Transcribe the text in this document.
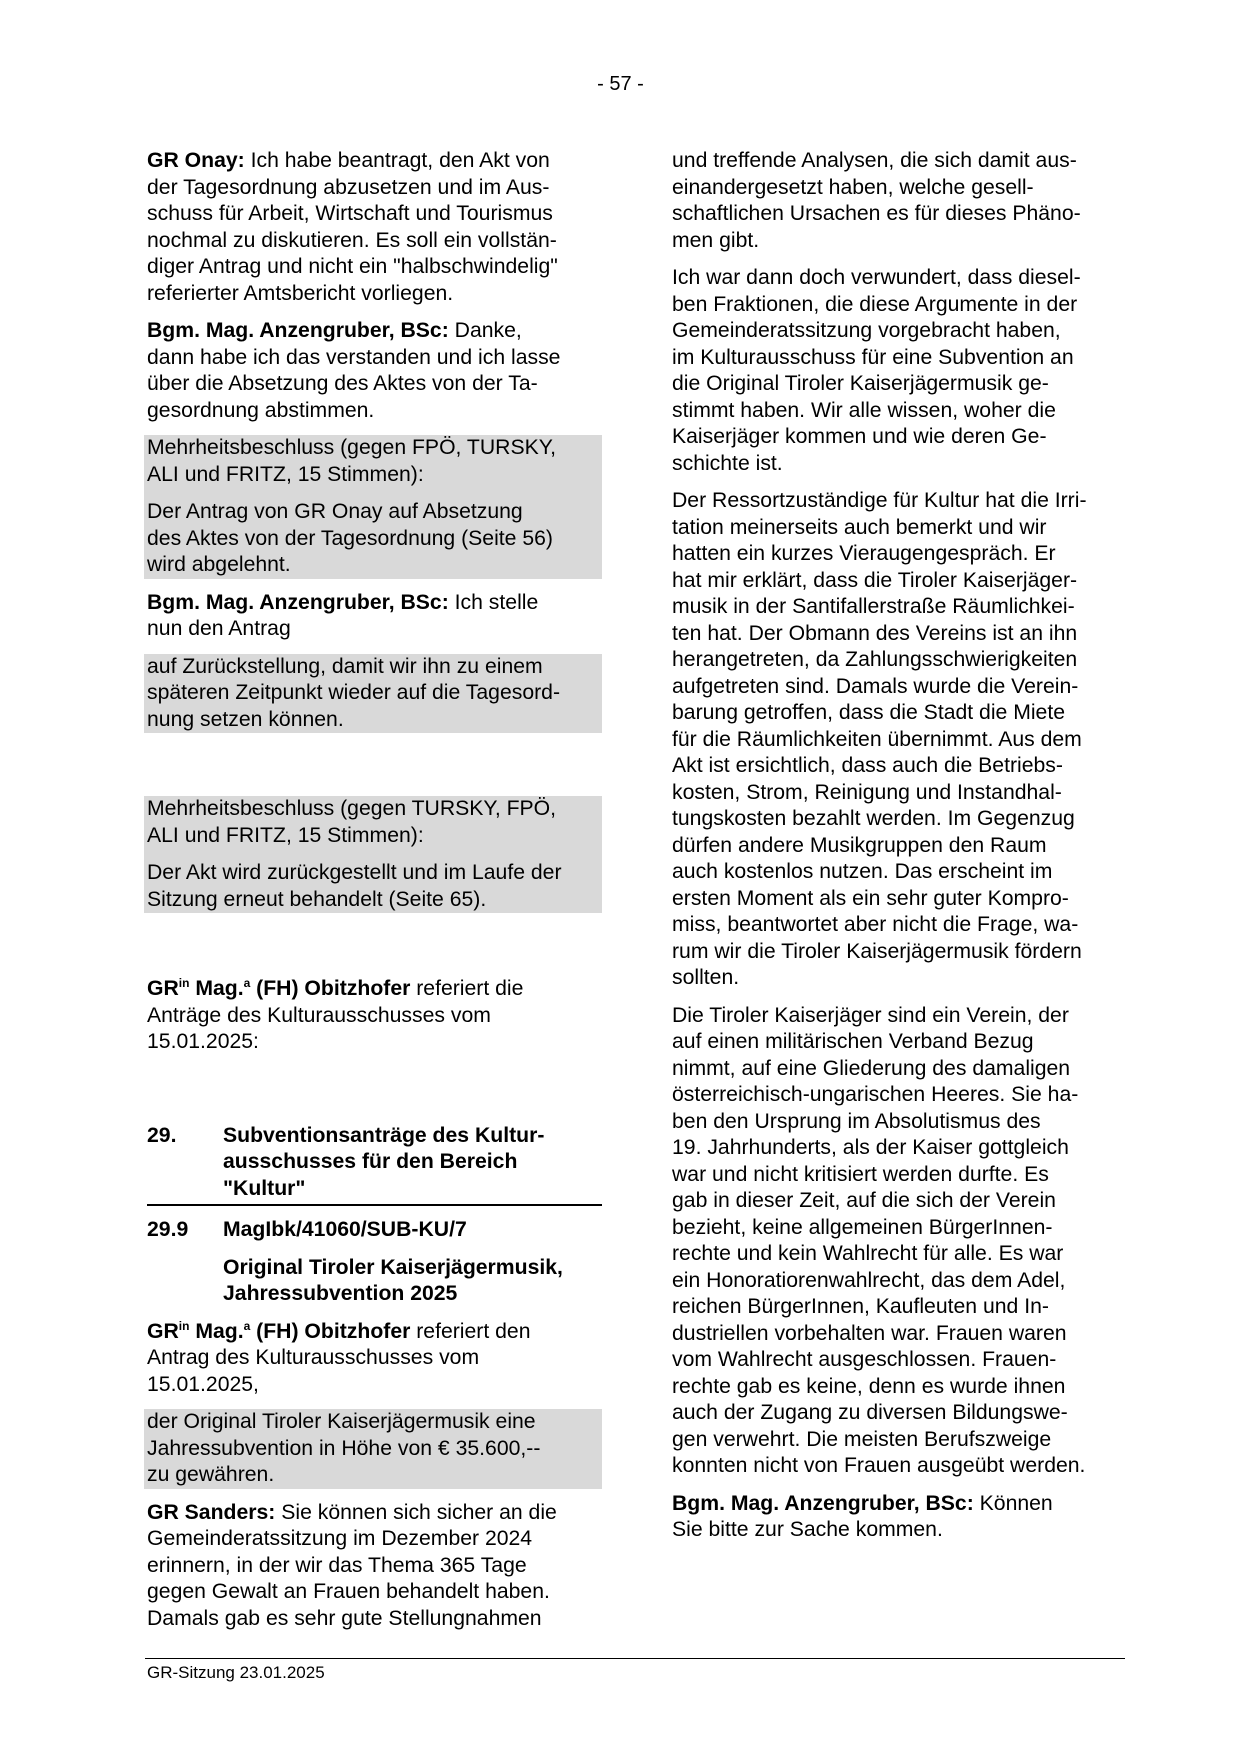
- 57 -

GR Onay: Ich habe beantragt, den Akt von
der Tagesordnung abzusetzen und im Aus-
schuss für Arbeit, Wirtschaft und Tourismus
nochmal zu diskutieren. Es soll ein vollstän-
diger Antrag und nicht ein "halbschwindelig"
referierter Amtsbericht vorliegen.

Bgm. Mag. Anzengruber, BSc: Danke,
dann habe ich das verstanden und ich lasse
über die Absetzung des Aktes von der Ta-
gesordnung abstimmen.

Mehrheitsbeschluss (gegen FPÖ, TURSKY,
ALI und FRITZ, 15 Stimmen):

Der Antrag von GR Onay auf Absetzung
des Aktes von der Tagesordnung (Seite 56)
wird abgelehnt.

Bgm. Mag. Anzengruber, BSc: Ich stelle
nun den Antrag

auf Zurückstellung, damit wir ihn zu einem
späteren Zeitpunkt wieder auf die Tagesord-
nung setzen können.

Mehrheitsbeschluss (gegen TURSKY, FPÖ,
ALI und FRITZ, 15 Stimmen):

Der Akt wird zurückgestellt und im Laufe der
Sitzung erneut behandelt (Seite 65).

$GR^{in}$ Mag.$^a$ (FH) Obitzhofer referiert die
Anträge des Kulturausschusses vom
15.01.2025:

29.	Subventionsanträge des Kultur-
ausschusses für den Bereich
"Kultur"
29.9	MagIbk/41060/SUB-KU/7
Original Tiroler Kaiserjägermusik,
Jahressubvention 2025

$GR^{in}$ Mag.$^a$ (FH) Obitzhofer referiert den
Antrag des Kulturausschusses vom
15.01.2025,

der Original Tiroler Kaiserjägermusik eine
Jahressubvention in Höhe von € 35.600,--
zu gewähren.

GR Sanders: Sie können sich sicher an die
Gemeinderatssitzung im Dezember 2024
erinnern, in der wir das Thema 365 Tage
gegen Gewalt an Frauen behandelt haben.
Damals gab es sehr gute Stellungnahmen

und treffende Analysen, die sich damit aus-
einandergesetzt haben, welche gesell-
schaftlichen Ursachen es für dieses Phäno-
men gibt.

Ich war dann doch verwundert, dass diesel-
ben Fraktionen, die diese Argumente in der
Gemeinderatssitzung vorgebracht haben,
im Kulturausschuss für eine Subvention an
die Original Tiroler Kaiserjägermusik ge-
stimmt haben. Wir alle wissen, woher die
Kaiserjäger kommen und wie deren Ge-
schichte ist.

Der Ressortzuständige für Kultur hat die Irri-
tation meinerseits auch bemerkt und wir
hatten ein kurzes Vieraugengespräch. Er
hat mir erklärt, dass die Tiroler Kaiserjäger-
musik in der Santifallerstraße Räumlichkei-
ten hat. Der Obmann des Vereins ist an ihn
herangetreten, da Zahlungsschwierigkeiten
aufgetreten sind. Damals wurde die Verein-
barung getroffen, dass die Stadt die Miete
für die Räumlichkeiten übernimmt. Aus dem
Akt ist ersichtlich, dass auch die Betriebs-
kosten, Strom, Reinigung und Instandhal-
tungskosten bezahlt werden. Im Gegenzug
dürfen andere Musikgruppen den Raum
auch kostenlos nutzen. Das erscheint im
ersten Moment als ein sehr guter Kompro-
miss, beantwortet aber nicht die Frage, wa-
rum wir die Tiroler Kaiserjägermusik fördern
sollten.

Die Tiroler Kaiserjäger sind ein Verein, der
auf einen militärischen Verband Bezug
nimmt, auf eine Gliederung des damaligen
österreichisch-ungarischen Heeres. Sie ha-
ben den Ursprung im Absolutismus des
19. Jahrhunderts, als der Kaiser gottgleich
war und nicht kritisiert werden durfte. Es
gab in dieser Zeit, auf die sich der Verein
bezieht, keine allgemeinen BürgerInnen-
rechte und kein Wahlrecht für alle. Es war
ein Honoratiorenwahlrecht, das dem Adel,
reichen BürgerInnen, Kaufleuten und In-
dustriellen vorbehalten war. Frauen waren
vom Wahlrecht ausgeschlossen. Frauen-
rechte gab es keine, denn es wurde ihnen
auch der Zugang zu diversen Bildungswe-
gen verwehrt. Die meisten Berufszweige
konnten nicht von Frauen ausgeübt werden.

Bgm. Mag. Anzengruber, BSc: Können
Sie bitte zur Sache kommen.

GR-Sitzung 23.01.2025
